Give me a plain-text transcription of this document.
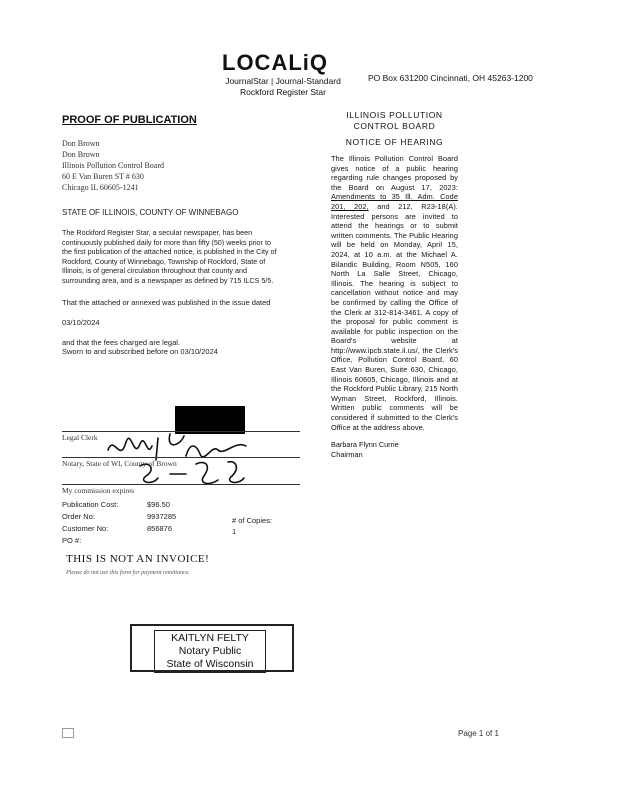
LOCALiQ
JournalStar | Journal-Standard
Rockford Register Star
PO Box 631200 Cincinnati, OH 45263-1200
PROOF OF PUBLICATION
Don Brown
Don Brown
Illinois Pollution Control Board
60 E Van Buren ST # 630
Chicago IL 60605-1241
STATE OF ILLINOIS, COUNTY OF WINNEBAGO
The Rockford Register Star, a secular newspaper, has been continuously published daily for more than fifty (50) weeks prior to the first publication of the attached notice, is published in the City of Rockford, County of Winnebago, Township of Rockford, State of Illinois, is of general circulation throughout that county and surrounding area, and is a newspaper as defined by 715 ILCS 5/5.
That the attached or annexed was published in the issue dated
03/10/2024
and that the fees charged are legal.
Sworn to and subscribed before on 03/10/2024
3-7-27
Legal Clerk
Notary, State of WI, County of Brown
My commission expires
Publication Cost:	$96.50
Order No:	9937285
Customer No:	856876
PO #:
# of Copies:
1
THIS IS NOT AN INVOICE!
Please do not use this form for payment remittance.
KAITLYN FELTY
Notary Public
State of Wisconsin
ILLINOIS POLLUTION
CONTROL BOARD
NOTICE OF HEARING
The Illinois Pollution Control Board gives notice of a public hearing regarding rule changes proposed by the Board on August 17, 2023: Amendments to 35 Ill. Adm. Code 201, 202, and 212, R23-18(A). Interested persons are invited to attend the hearings or to submit written comments. The Public Hearing will be held on Monday, April 15, 2024, at 10 a.m. at the Michael A. Bilandic Building, Room N505, 160 North La Salle Street, Chicago, Illinois. The hearing is subject to cancellation without notice and may be confirmed by calling the Office of the Clerk at 312-814-3461. A copy of the proposal for public comment is available for public inspection on the Board's website at http://www.ipcb.state.il.us/, the Clerk's Office, Pollution Control Board, 60 East Van Buren, Suite 630, Chicago, Illinois 60605, Chicago, Illinois and at the Rockford Public Library, 215 North Wyman Street, Rockford, Illinois. Written public comments will be considered if submitted to the Clerk's Office at the address above.
Barbara Flynn Currie
Chairman
Page 1 of 1
